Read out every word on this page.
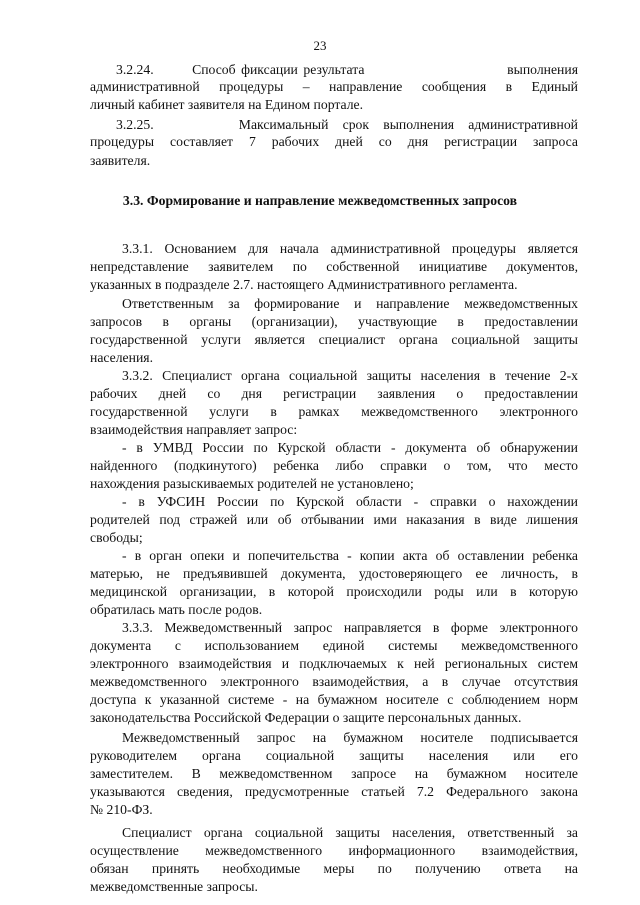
23
3.2.24.       Способ фиксации результата                          выполнения
административной процедуры – направление сообщения в Единый
личный кабинет заявителя на Едином портале.
3.2.25.      Максимальный срок выполнения административной
процедуры составляет 7 рабочих дней со дня регистрации запроса
заявителя.
3.3.1. Основанием для начала административной процедуры является
непредставление заявителем по собственной инициативе документов,
указанных в подразделе 2.7. настоящего Административного регламента.
Ответственным за формирование и направление межведомственных
запросов в органы (организации), участвующие в предоставлении
государственной услуги является специалист органа социальной защиты
населения.
3.3.2. Специалист органа социальной защиты населения в течение 2-х
рабочих дней со дня регистрации заявления о предоставлении
государственной услуги в рамках межведомственного электронного
взаимодействия направляет запрос:
- в УМВД России по Курской области - документа об обнаружении
найденного (подкинутого) ребенка либо справки о том, что место
нахождения разыскиваемых родителей не установлено;
- в УФСИН России по Курской области - справки о нахождении
родителей под стражей или об отбывании ими наказания в виде лишения
свободы;
- в орган опеки и попечительства - копии акта об оставлении ребенка
матерью, не предъявившей документа, удостоверяющего ее личность, в
медицинской организации, в которой происходили роды или в которую
обратилась мать после родов.
3.3.3. Межведомственный запрос направляется в форме электронного
документа с использованием единой системы межведомственного
электронного взаимодействия и подключаемых к ней региональных систем
межведомственного электронного взаимодействия, а в случае отсутствия
доступа к указанной системе - на бумажном носителе с соблюдением норм
законодательства Российской Федерации о защите персональных данных.
Межведомственный запрос на бумажном носителе подписывается
руководителем органа социальной защиты населения или его
заместителем. В межведомственном запросе на бумажном носителе
указываются сведения, предусмотренные статьей 7.2 Федерального закона
№ 210-ФЗ.
Специалист органа социальной защиты населения, ответственный за
осуществление межведомственного информационного взаимодействия,
обязан принять необходимые меры по получению ответа на
межведомственные запросы.
3.3. Формирование и направление межведомственных запросов
